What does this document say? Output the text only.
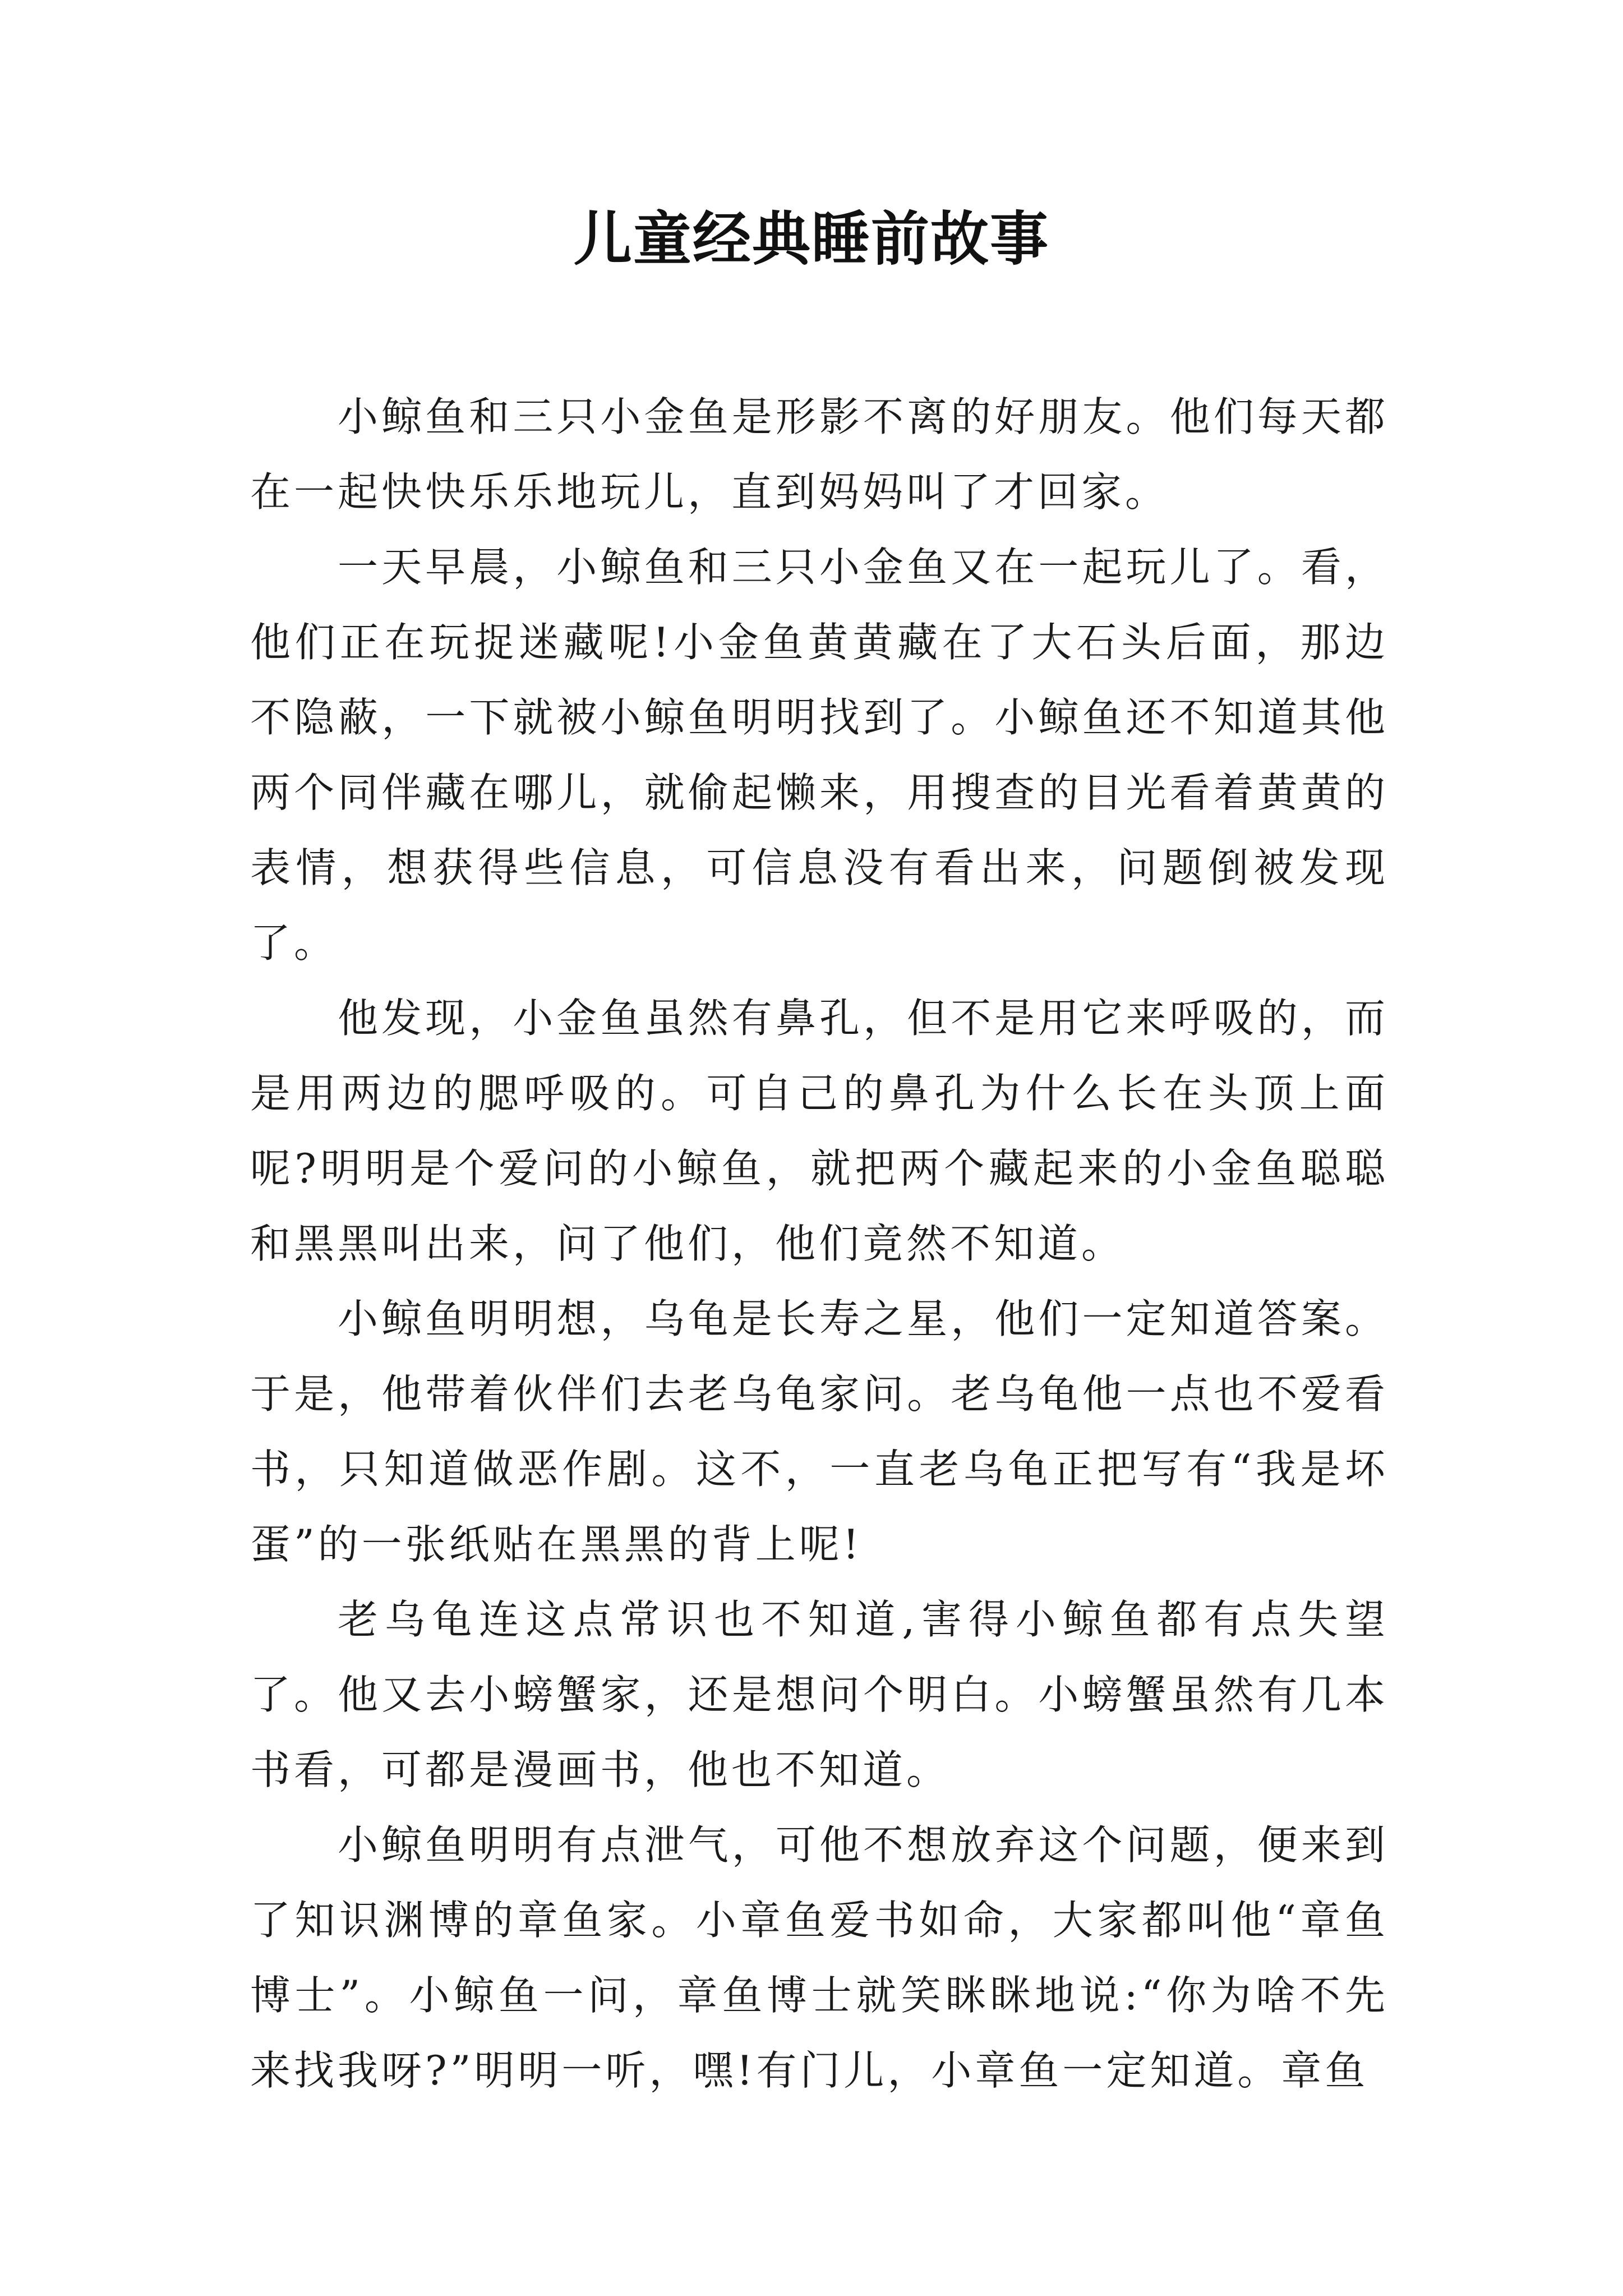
儿童经典睡前故事

小鲸鱼和三只小金鱼是形影不离的好朋友。他们每天都在一起快快乐乐地玩儿，直到妈妈叫了才回家。

一天早晨，小鲸鱼和三只小金鱼又在一起玩儿了。看，他们正在玩捉迷藏呢!小金鱼黄黄藏在了大石头后面，那边不隐蔽，一下就被小鲸鱼明明找到了。小鲸鱼还不知道其他两个同伴藏在哪儿，就偷起懒来，用搜查的目光看着黄黄的表情，想获得些信息，可信息没有看出来，问题倒被发现了。

他发现，小金鱼虽然有鼻孔，但不是用它来呼吸的，而是用两边的腮呼吸的。可自己的鼻孔为什么长在头顶上面呢?明明是个爱问的小鲸鱼，就把两个藏起来的小金鱼聪聪和黑黑叫出来，问了他们，他们竟然不知道。

小鲸鱼明明想，乌龟是长寿之星，他们一定知道答案。于是，他带着伙伴们去老乌龟家问。老乌龟他一点也不爱看书，只知道做恶作剧。这不，一直老乌龟正把写有“我是坏蛋”的一张纸贴在黑黑的背上呢!

老乌龟连这点常识也不知道,害得小鲸鱼都有点失望了。他又去小螃蟹家，还是想问个明白。小螃蟹虽然有几本书看，可都是漫画书，他也不知道。

小鲸鱼明明有点泄气，可他不想放弃这个问题，便来到了知识渊博的章鱼家。小章鱼爱书如命，大家都叫他“章鱼博士”。小鲸鱼一问，章鱼博士就笑眯眯地说:“你为啥不先来找我呀?”明明一听，嘿!有门儿，小章鱼一定知道。章鱼
